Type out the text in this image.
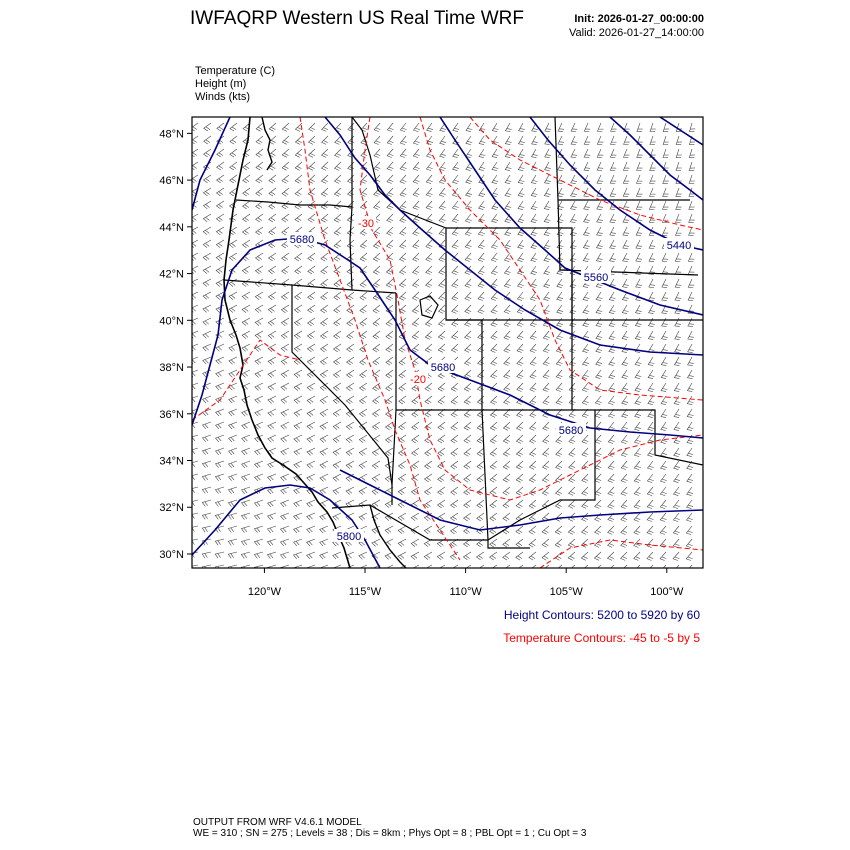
IWFAQRP Western US Real Time WRF	Init: 2026-01-27_00:00:00
Valid: 2026-01-27_14:00:00
Temperature (C)
Height (m)
Winds (kts)
5680
5680
5560
5440
5680
5800
-30
-20
48°N
46°N
44°N
42°N
40°N
38°N
36°N
34°N
32°N
30°N
120°W	115°W	110°W	105°W	100°W
Height Contours: 5200 to 5920 by 60
Temperature Contours: -45 to -5 by 5
OUTPUT FROM WRF V4.6.1 MODEL
WE = 310 ; SN = 275 ; Levels = 38 ; Dis = 8km ; Phys Opt = 8 ; PBL Opt = 1 ; Cu Opt = 3
